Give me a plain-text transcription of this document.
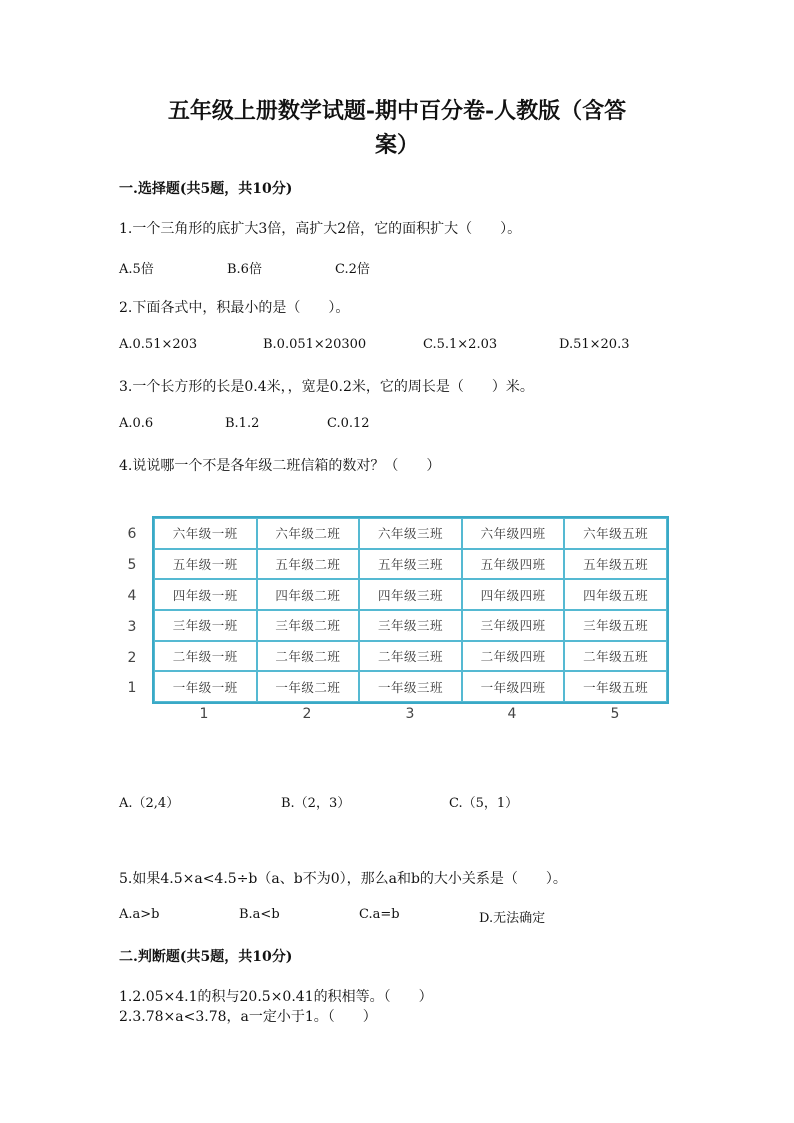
五年级上册数学试题-期中百分卷-人教版（含答
案）
一.选择题(共5题，共10分)
1.一个三角形的底扩大3倍，高扩大2倍，它的面积扩大（　　）。
A.5倍	B.6倍	C.2倍
2.下面各式中，积最小的是（　　）。
A.0.51×203	B.0.051×20300	C.5.1×2.03	D.51×20.3
3.一个长方形的长是0.4米，，宽是0.2米，它的周长是（　　）米。
A.0.6	B.1.2	C.0.12
4.说说哪一个不是各年级二班信箱的数对？（　　）
6
5
4
3
2
1
六年级一班	六年级二班	六年级三班	六年级四班	六年级五班
五年级一班	五年级二班	五年级三班	五年级四班	五年级五班
四年级一班	四年级二班	四年级三班	四年级四班	四年级五班
三年级一班	三年级二班	三年级三班	三年级四班	三年级五班
二年级一班	二年级二班	二年级三班	二年级四班	二年级五班
一年级一班	一年级二班	一年级三班	一年级四班	一年级五班
1	2	3	4	5
A.（2,4）	B.（2，3）	C.（5，1）
5.如果4.5×a<4.5÷b（a、b不为0），那么a和b的大小关系是（　　）。
A.a>b	B.a<b	C.a=b	D.无法确定
二.判断题(共5题，共10分)
1.2.05×4.1的积与20.5×0.41的积相等。（　　）
2.3.78×a<3.78，a一定小于1。（　　）
